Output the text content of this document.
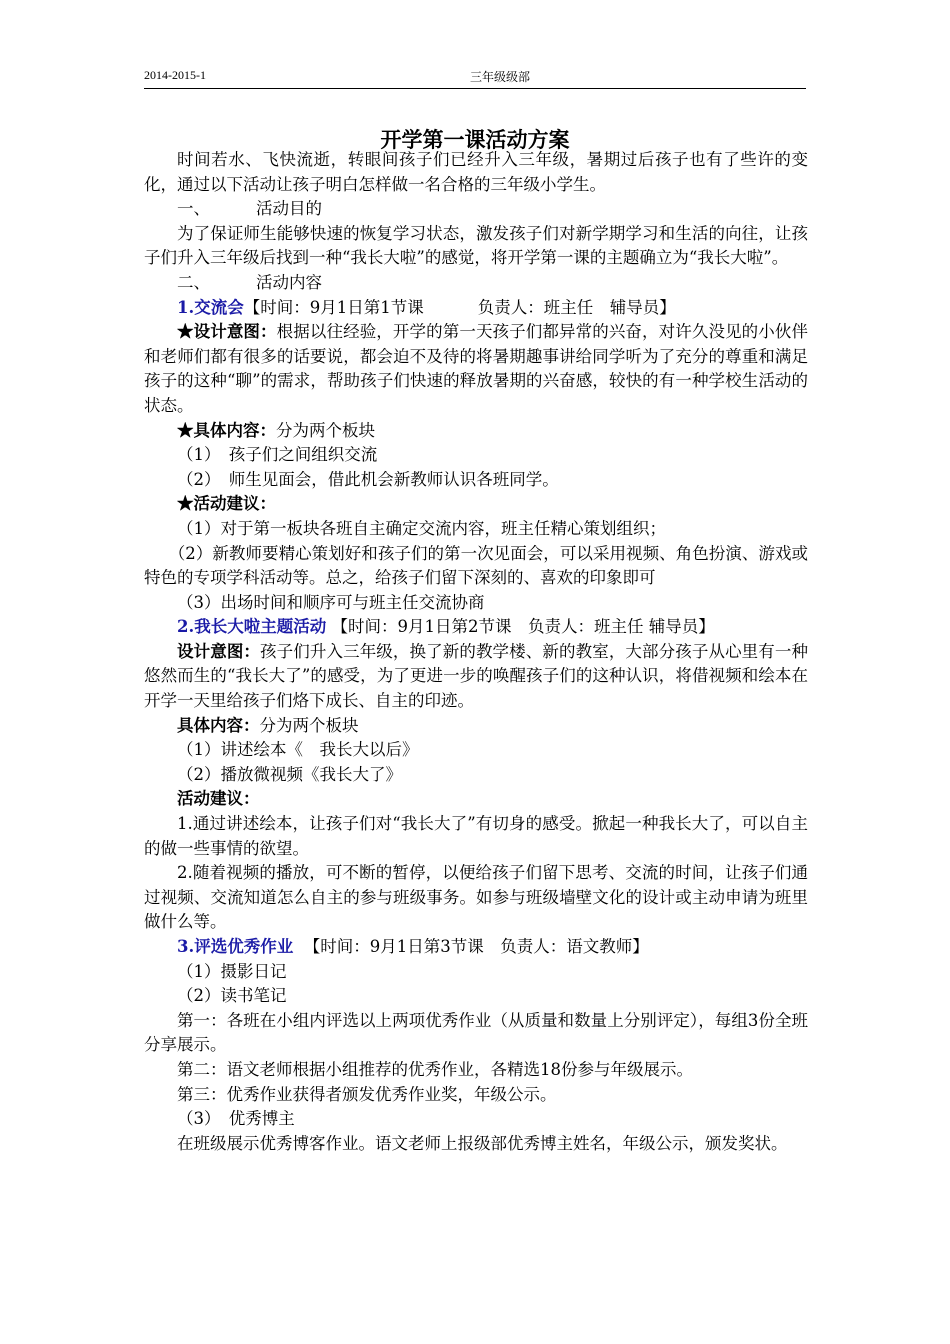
2014-2015-1	三年级级部
开学第一课活动方案

时间若水、飞快流逝，转眼间孩子们已经升入三年级，暑期过后孩子也有了些许的变化，通过以下活动让孩子明白怎样做一名合格的三年级小学生。

一、	活动目的

为了保证师生能够快速的恢复学习状态，激发孩子们对新学期学习和生活的向往，让孩子们升入三年级后找到一种“我长大啦”的感觉，将开学第一课的主题确立为“我长大啦”。

二、	活动内容

1.交流会【时间：9月1日第1节课	负责人：班主任　辅导员】

★设计意图：根据以往经验，开学的第一天孩子们都异常的兴奋，对许久没见的小伙伴和老师们都有很多的话要说，都会迫不及待的将暑期趣事讲给同学听为了充分的尊重和满足孩子的这种“聊”的需求，帮助孩子们快速的释放暑期的兴奋感，较快的有一种学校生活动的状态。

★具体内容：分为两个板块

（1）　孩子们之间组织交流

（2）　师生见面会，借此机会新教师认识各班同学。

★活动建议：

（1）对于第一板块各班自主确定交流内容，班主任精心策划组织；

（2）新教师要精心策划好和孩子们的第一次见面会，可以采用视频、角色扮演、游戏或特色的专项学科活动等。总之，给孩子们留下深刻的、喜欢的印象即可

（3）出场时间和顺序可与班主任交流协商

2.我长大啦主题活动 【时间：9月1日第2节课　负责人：班主任 辅导员】

设计意图：孩子们升入三年级，换了新的教学楼、新的教室，大部分孩子从心里有一种悠然而生的“我长大了”的感受，为了更进一步的唤醒孩子们的这种认识，将借视频和绘本在开学一天里给孩子们烙下成长、自主的印迹。

具体内容：分为两个板块

（1）讲述绘本《　我长大以后》

（2）播放微视频《我长大了》

活动建议：

1.通过讲述绘本，让孩子们对“我长大了”有切身的感受。掀起一种我长大了，可以自主的做一些事情的欲望。

2.随着视频的播放，可不断的暂停，以便给孩子们留下思考、交流的时间，让孩子们通过视频、交流知道怎么自主的参与班级事务。如参与班级墙壁文化的设计或主动申请为班里做什么等。

3.评选优秀作业 【时间：9月1日第3节课　负责人：语文教师】

（1）摄影日记

（2）读书笔记

第一：各班在小组内评选以上两项优秀作业（从质量和数量上分别评定），每组3份全班分享展示。

第二：语文老师根据小组推荐的优秀作业，各精选18份参与年级展示。

第三：优秀作业获得者颁发优秀作业奖，年级公示。

（3）　优秀博主

在班级展示优秀博客作业。语文老师上报级部优秀博主姓名，年级公示，颁发奖状。
